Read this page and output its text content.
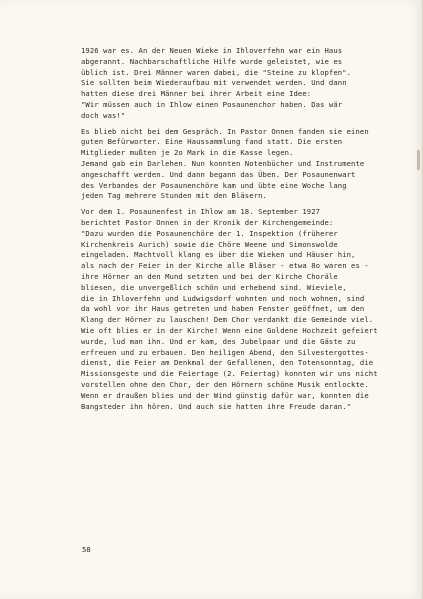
1926 war es. An der Neuen Wieke in Ihloverfehn war ein Haus
abgerannt. Nachbarschaftliche Hilfe wurde geleistet, wie es
üblich ist. Drei Männer waren dabei, die "Steine zu klopfen".
Sie sollten beim Wiederaufbau mit verwendet werden. Und dann
hatten diese drei Männer bei ihrer Arbeit eine Idee:
"Wir müssen auch in Ihlow einen Posaunenchor haben. Das wär
doch was!"
Es blieb nicht bei dem Gespräch. In Pastor Onnen fanden sie einen
guten Befürworter. Eine Haussammlung fand statt. Die ersten
Mitglieder mußten je 2o Mark in die Kasse legen.
Jemand gab ein Darlehen. Nun konnten Notenbücher und Instrumente
angeschafft werden. Und dann begann das Üben. Der Posaunenwart
des Verbandes der Posaunenchöre kam und übte eine Woche lang
jeden Tag mehrere Stunden mit den Bläsern.
Vor dem 1. Posaunenfest in Ihlow am 18. September 1927
berichtet Pastor Onnen in der Kronik der Kirchengemeinde:
"Dazu wurden die Posaunenchöre der 1. Inspektion (früherer
Kirchenkreis Aurich) sowie die Chöre Weene und Simonswolde
eingeladen. Machtvoll klang es über die Wieken und Häuser hin,
als nach der Feier in der Kirche alle Bläser - etwa 8o waren es -
ihre Hörner an den Mund setzten und bei der Kirche Choräle
bliesen, die unvergeßlich schön und erhebend sind. Wieviele,
die in Ihloverfehn und Ludwigsdorf wohnten und noch wohnen, sind
da wohl vor ihr Haus getreten und haben Fenster geöffnet, um den
Klang der Hörner zu lauschen! Dem Chor verdankt die Gemeinde viel.
Wie oft blies er in der Kirche! Wenn eine Goldene Hochzeit gefeiert
wurde, lud man ihn. Und er kam, des Jubelpaar und die Gäste zu
erfreuen und zu erbauen. Den heiligen Abend, den Silvestergottes-
dienst, die Feier am Denkmal der Gefallenen, den Totensonntag, die
Missionsgeste und die Feiertage (2. Feiertag) konnten wir uns nicht
vorstellen ohne den Chor, der den Hörnern schöne Musik entlockte.
Wenn er draußen blies und der Wind günstig dafür war, konnten die
Bangsteder ihn hören. Und auch sie hatten ihre Freude daran."
58
